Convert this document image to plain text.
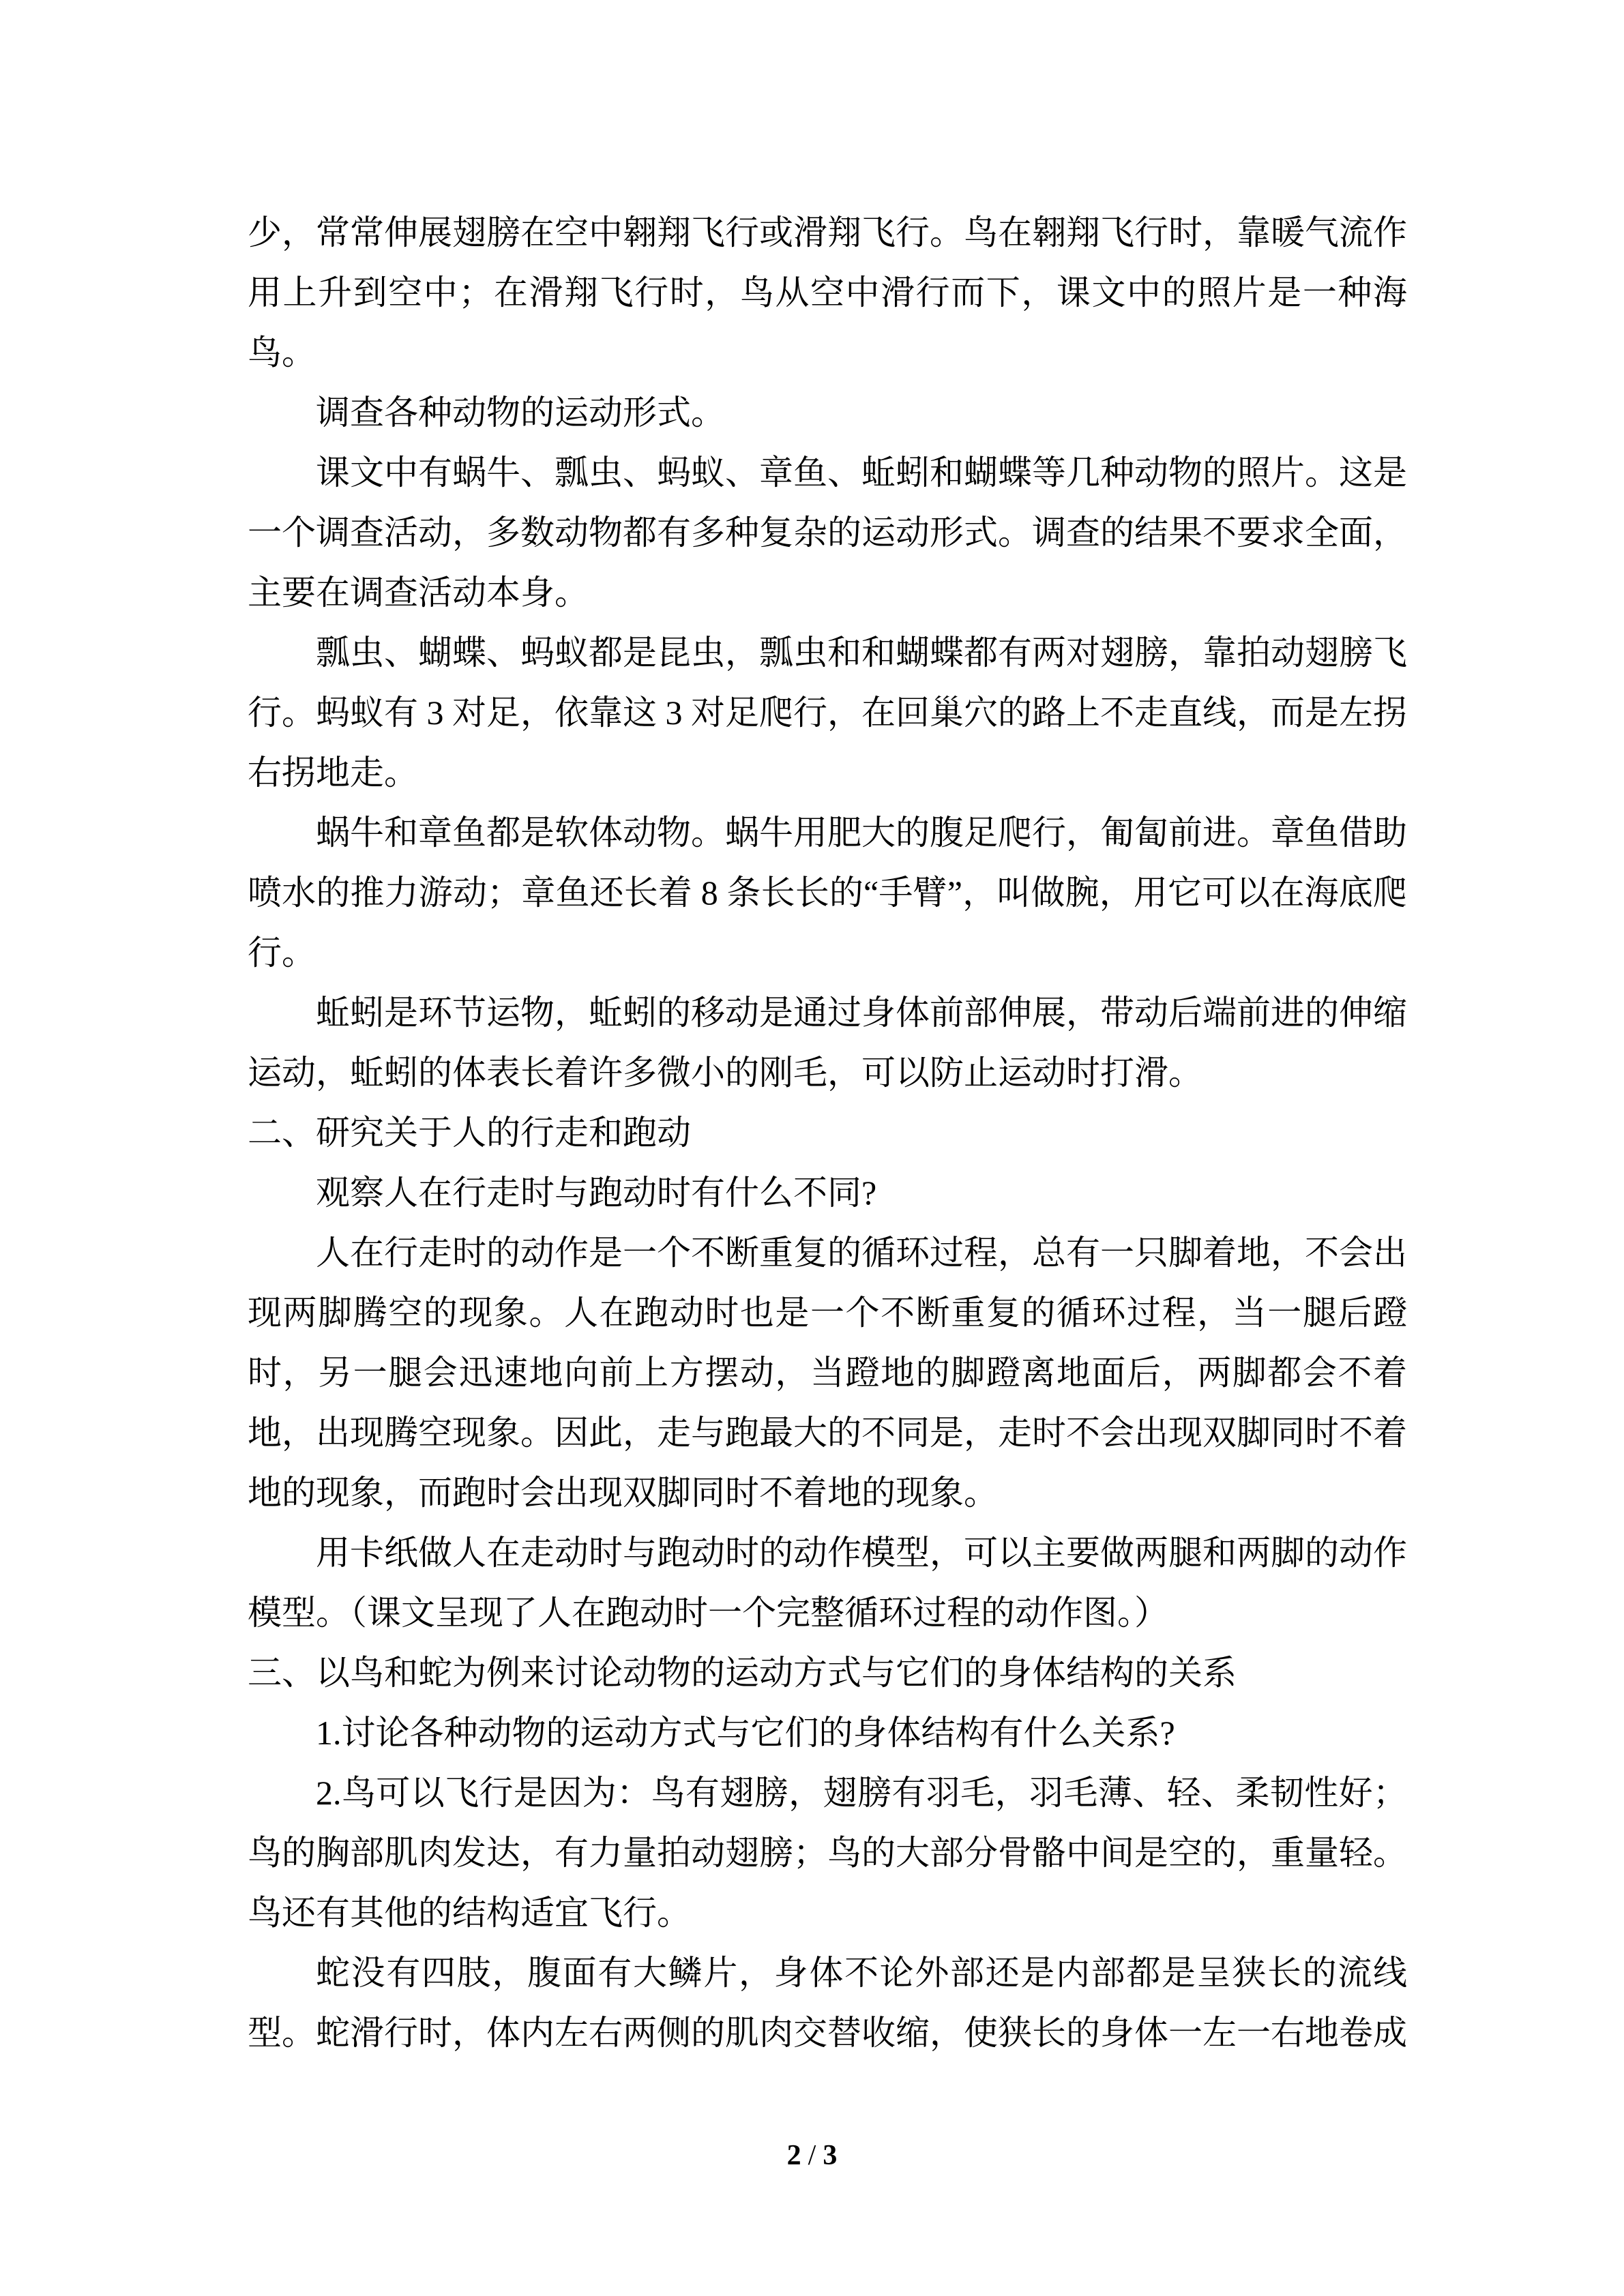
少，常常伸展翅膀在空中翱翔飞行或滑翔飞行。鸟在翱翔飞行时，靠暖气流作用上升到空中；在滑翔飞行时，鸟从空中滑行而下，课文中的照片是一种海鸟。

调查各种动物的运动形式。

课文中有蜗牛、瓢虫、蚂蚁、章鱼、蚯蚓和蝴蝶等几种动物的照片。这是一个调查活动，多数动物都有多种复杂的运动形式。调查的结果不要求全面，主要在调查活动本身。

瓢虫、蝴蝶、蚂蚁都是昆虫，瓢虫和和蝴蝶都有两对翅膀，靠拍动翅膀飞行。蚂蚁有 3 对足，依靠这 3 对足爬行，在回巢穴的路上不走直线，而是左拐右拐地走。

蜗牛和章鱼都是软体动物。蜗牛用肥大的腹足爬行，匍匐前进。章鱼借助喷水的推力游动；章鱼还长着 8 条长长的“手臂”，叫做腕，用它可以在海底爬行。

蚯蚓是环节运物，蚯蚓的移动是通过身体前部伸展，带动后端前进的伸缩运动，蚯蚓的体表长着许多微小的刚毛，可以防止运动时打滑。

二、研究关于人的行走和跑动

观察人在行走时与跑动时有什么不同?

人在行走时的动作是一个不断重复的循环过程，总有一只脚着地，不会出现两脚腾空的现象。人在跑动时也是一个不断重复的循环过程，当一腿后蹬时，另一腿会迅速地向前上方摆动，当蹬地的脚蹬离地面后，两脚都会不着地，出现腾空现象。因此，走与跑最大的不同是，走时不会出现双脚同时不着地的现象，而跑时会出现双脚同时不着地的现象。

用卡纸做人在走动时与跑动时的动作模型，可以主要做两腿和两脚的动作模型。（课文呈现了人在跑动时一个完整循环过程的动作图。）

三、以鸟和蛇为例来讨论动物的运动方式与它们的身体结构的关系

1.讨论各种动物的运动方式与它们的身体结构有什么关系?

2.鸟可以飞行是因为：鸟有翅膀，翅膀有羽毛，羽毛薄、轻、柔韧性好；鸟的胸部肌肉发达，有力量拍动翅膀；鸟的大部分骨骼中间是空的，重量轻。鸟还有其他的结构适宜飞行。

蛇没有四肢，腹面有大鳞片，身体不论外部还是内部都是呈狭长的流线型。蛇滑行时，体内左右两侧的肌肉交替收缩，使狭长的身体一左一右地卷成

2 / 3
